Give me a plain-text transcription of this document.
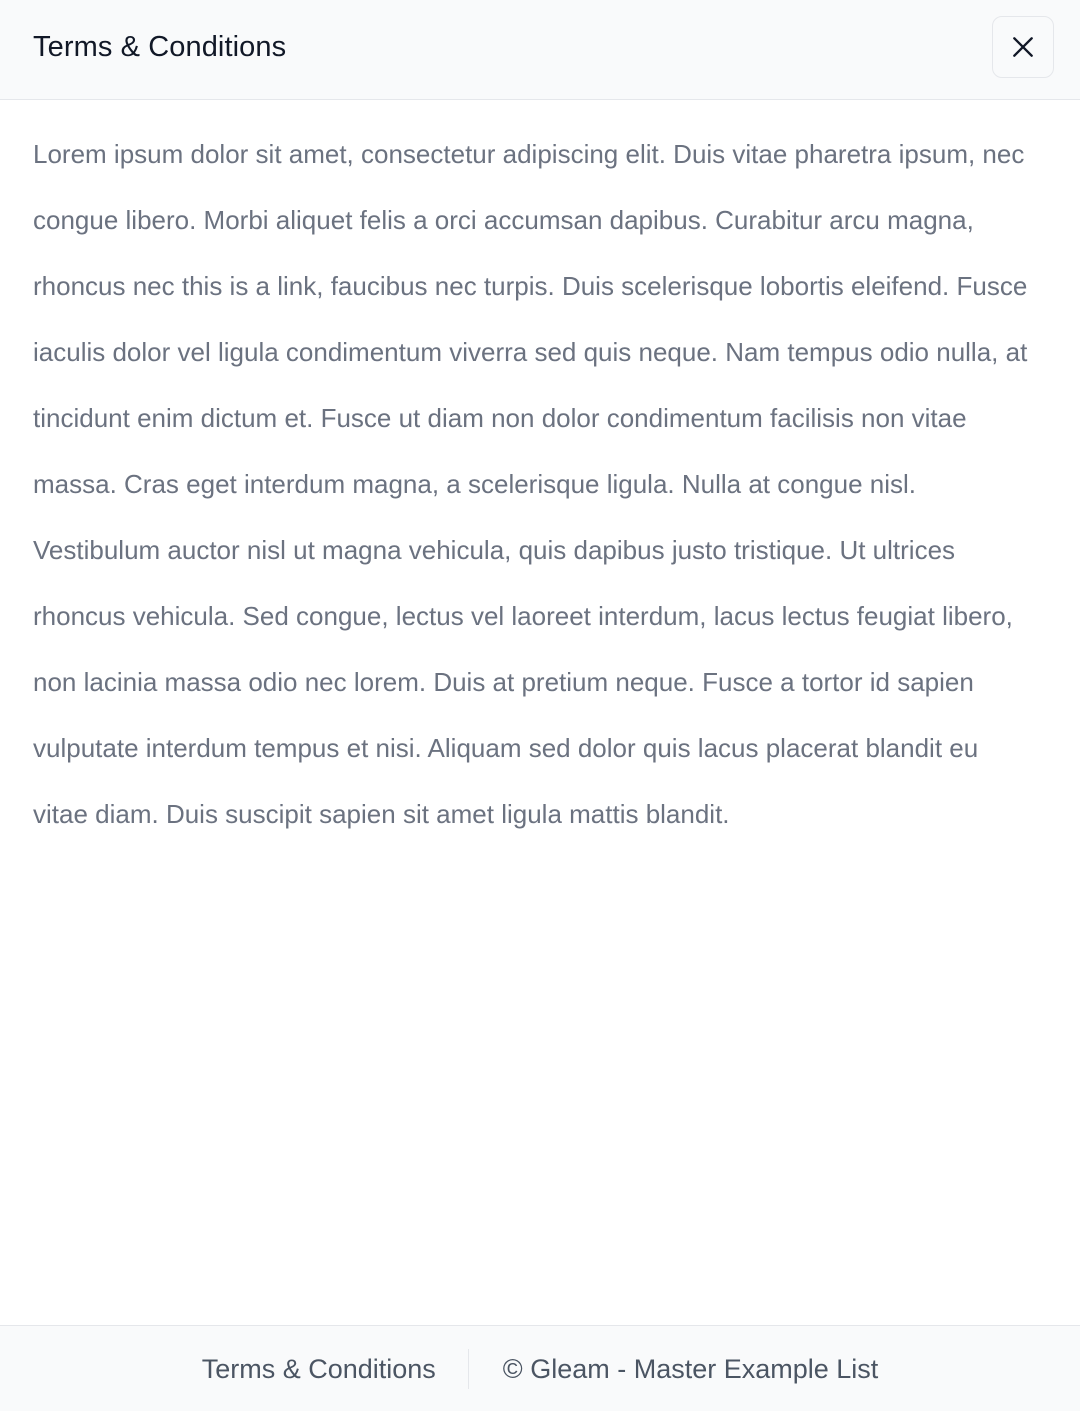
Terms & Conditions

Lorem ipsum dolor sit amet, consectetur adipiscing elit. Duis vitae pharetra ipsum, nec congue libero. Morbi aliquet felis a orci accumsan dapibus. Curabitur arcu magna, rhoncus nec this is a link, faucibus nec turpis. Duis scelerisque lobortis eleifend. Fusce iaculis dolor vel ligula condimentum viverra sed quis neque. Nam tempus odio nulla, at tincidunt enim dictum et. Fusce ut diam non dolor condimentum facilisis non vitae massa. Cras eget interdum magna, a scelerisque ligula. Nulla at congue nisl. Vestibulum auctor nisl ut magna vehicula, quis dapibus justo tristique. Ut ultrices rhoncus vehicula. Sed congue, lectus vel laoreet interdum, lacus lectus feugiat libero, non lacinia massa odio nec lorem. Duis at pretium neque. Fusce a tortor id sapien vulputate interdum tempus et nisi. Aliquam sed dolor quis lacus placerat blandit eu vitae diam. Duis suscipit sapien sit amet ligula mattis blandit.

Terms & Conditions	© Gleam - Master Example List
